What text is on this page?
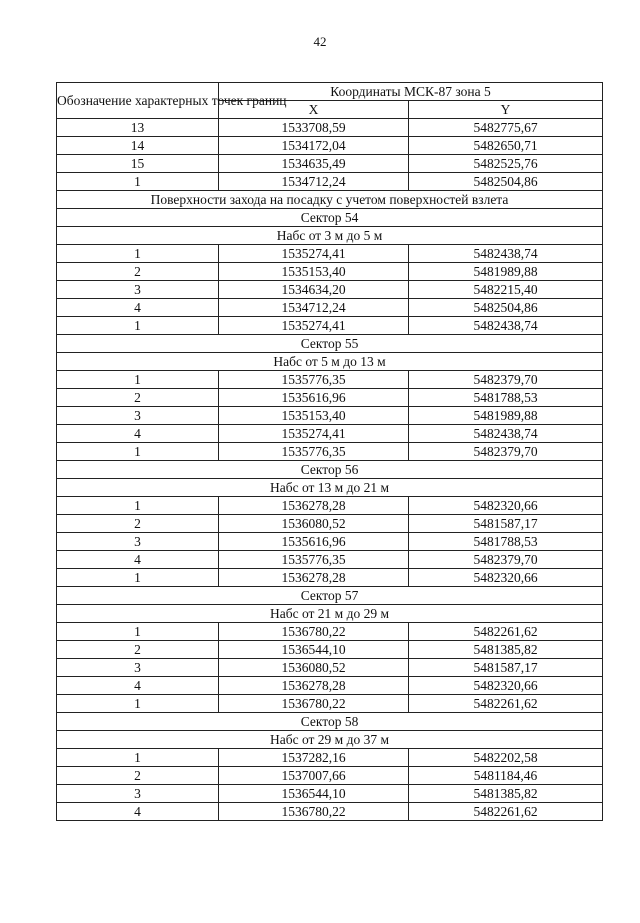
42
Обозначение характерных точек границ	Координаты МСК-87 зона 5	
	X	Y
13	1533708,59	5482775,67
14	1534172,04	5482650,71
15	1534635,49	5482525,76
1	1534712,24	5482504,86
Поверхности захода на посадку с учетом поверхностей взлета		
Сектор 54		
Набс от 3 м до 5 м		
1	1535274,41	5482438,74
2	1535153,40	5481989,88
3	1534634,20	5482215,40
4	1534712,24	5482504,86
1	1535274,41	5482438,74
Сектор 55		
Набс от 5 м до 13 м		
1	1535776,35	5482379,70
2	1535616,96	5481788,53
3	1535153,40	5481989,88
4	1535274,41	5482438,74
1	1535776,35	5482379,70
Сектор 56		
Набс от 13 м до 21 м		
1	1536278,28	5482320,66
2	1536080,52	5481587,17
3	1535616,96	5481788,53
4	1535776,35	5482379,70
1	1536278,28	5482320,66
Сектор 57		
Набс от 21 м до 29 м		
1	1536780,22	5482261,62
2	1536544,10	5481385,82
3	1536080,52	5481587,17
4	1536278,28	5482320,66
1	1536780,22	5482261,62
Сектор 58		
Набс от 29 м до 37 м		
1	1537282,16	5482202,58
2	1537007,66	5481184,46
3	1536544,10	5481385,82
4	1536780,22	5482261,62
